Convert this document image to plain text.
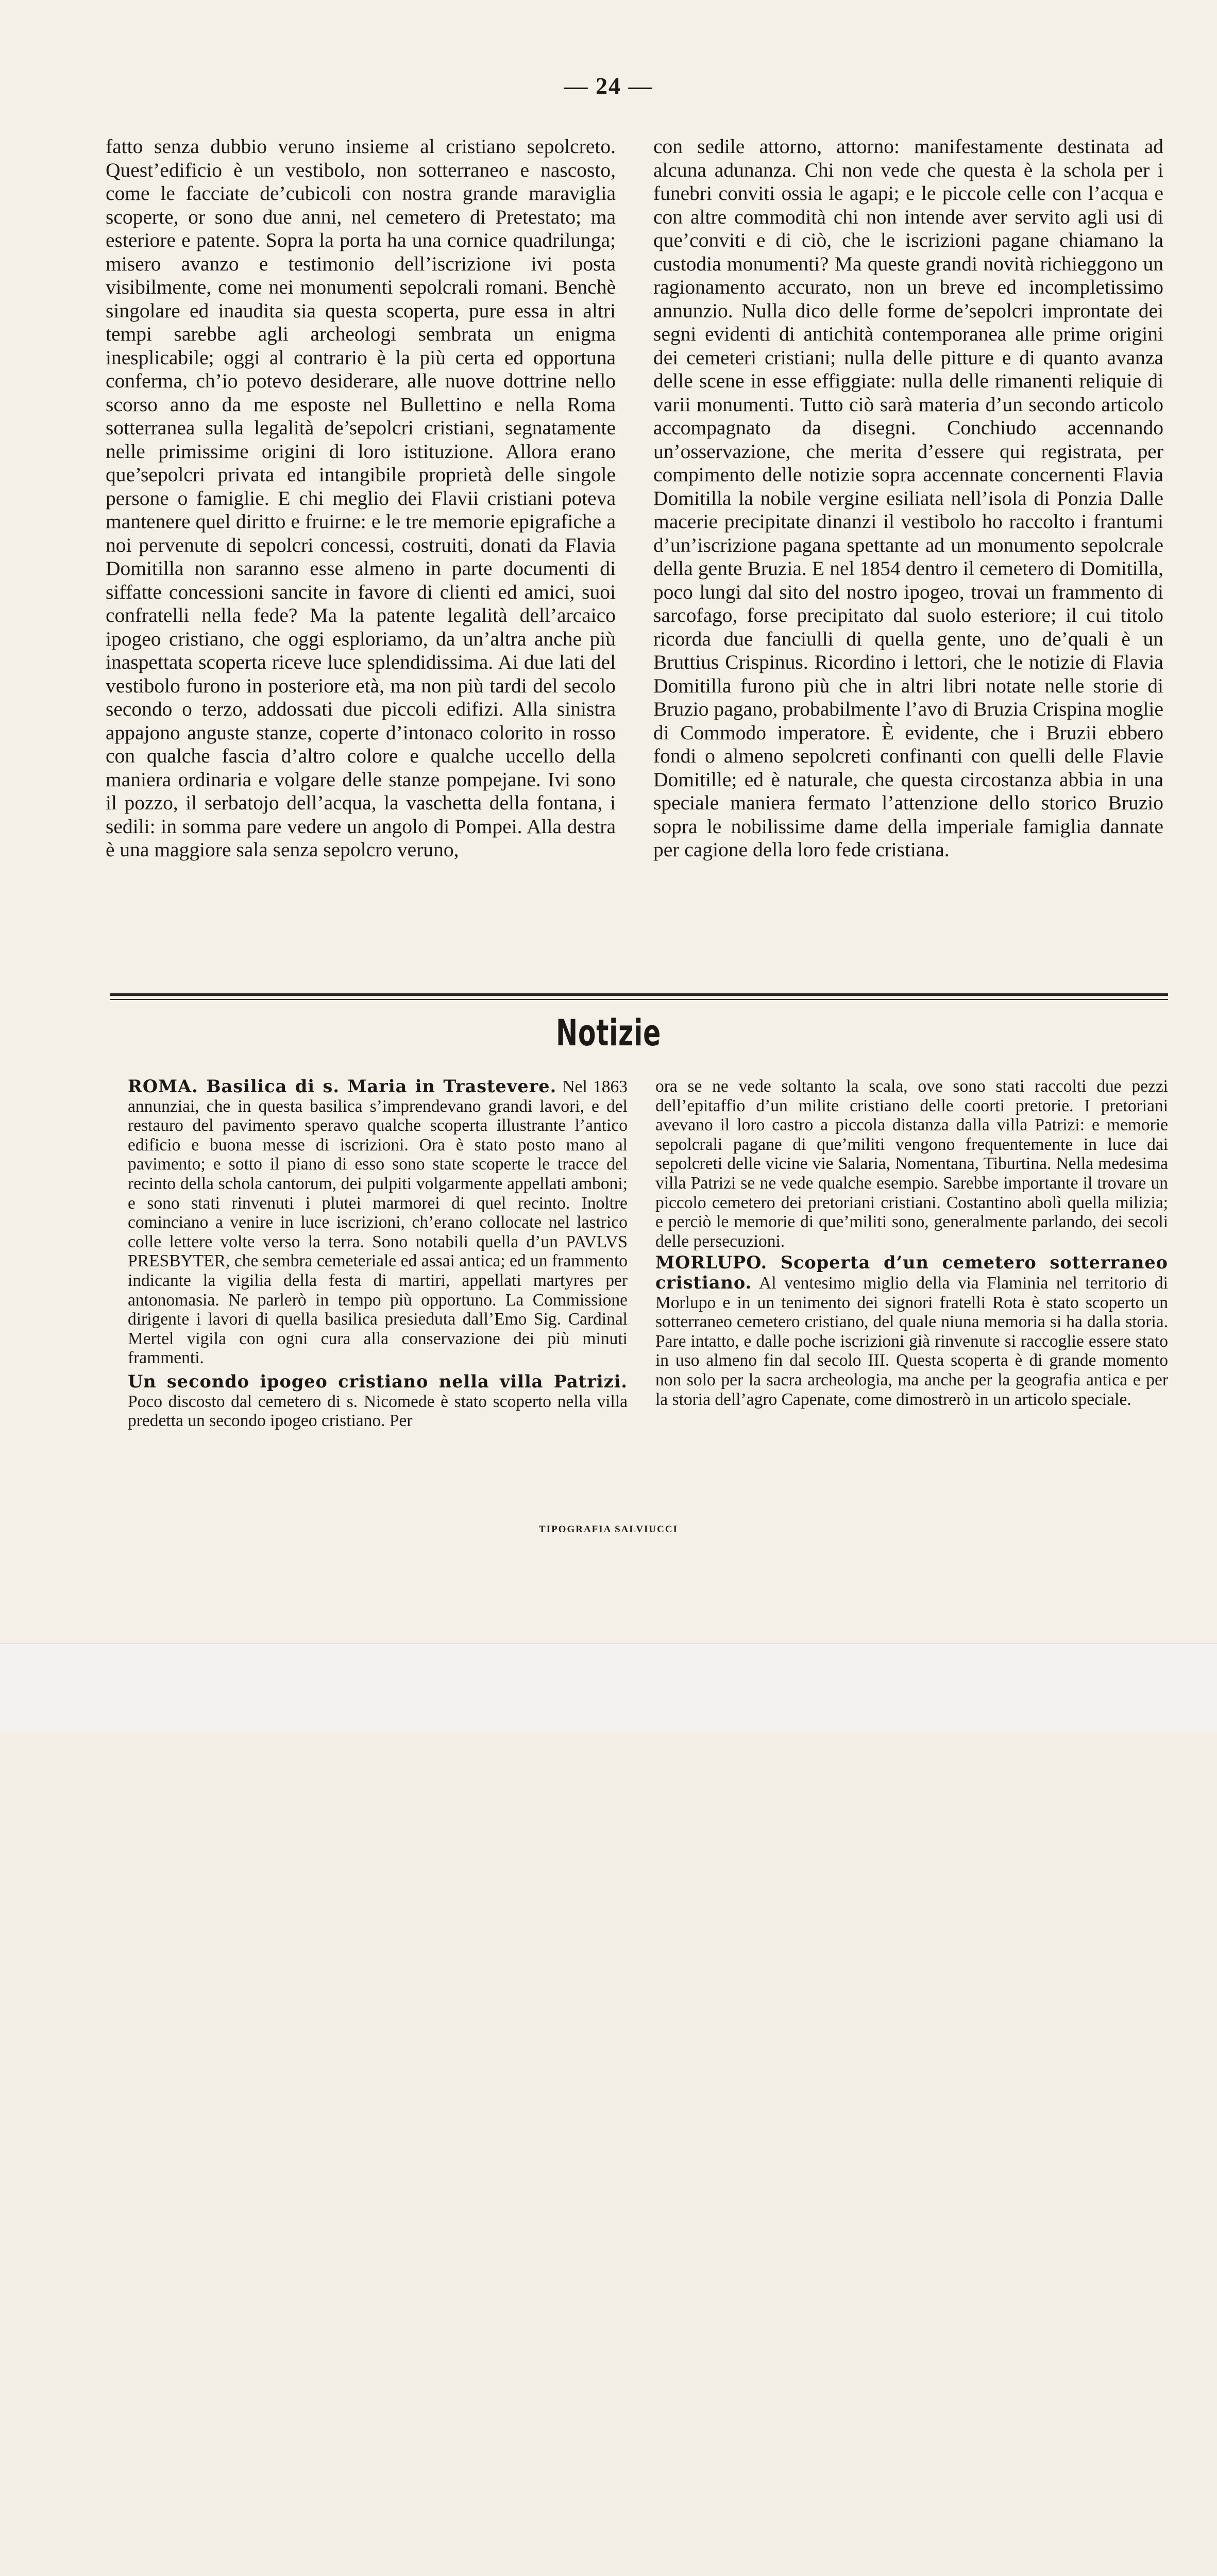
— 24 —

fatto senza dubbio veruno insieme al cristiano sepolcreto. Quest’edificio è un vestibolo, non sotterraneo e nascosto, come le facciate de’cubicoli con nostra grande maraviglia scoperte, or sono due anni, nel cemetero di Pretestato; ma esteriore e patente. Sopra la porta ha una cornice quadrilunga; misero avanzo e testimonio dell’iscrizione ivi posta visibilmente, come nei monumenti sepolcrali romani. Benchè singolare ed inaudita sia questa scoperta, pure essa in altri tempi sarebbe agli archeologi sembrata un enigma inesplicabile; oggi al contrario è la più certa ed opportuna conferma, ch’io potevo desiderare, alle nuove dottrine nello scorso anno da me esposte nel Bullettino e nella Roma sotterranea sulla legalità de’sepolcri cristiani, segnatamente nelle primissime origini di loro istituzione. Allora erano que’sepolcri privata ed intangibile proprietà delle singole persone o famiglie. E chi meglio dei Flavii cristiani poteva mantenere quel diritto e fruirne: e le tre memorie epigrafiche a noi pervenute di sepolcri concessi, costruiti, donati da Flavia Domitilla non saranno esse almeno in parte documenti di siffatte concessioni sancite in favore di clienti ed amici, suoi confratelli nella fede? Ma la patente legalità dell’arcaico ipogeo cristiano, che oggi esploriamo, da un’altra anche più inaspettata scoperta riceve luce splendidissima. Ai due lati del vestibolo furono in posteriore età, ma non più tardi del secolo secondo o terzo, addossati due piccoli edifizi. Alla sinistra appajono anguste stanze, coperte d’intonaco colorito in rosso con qualche fascia d’altro colore e qualche uccello della maniera ordinaria e volgare delle stanze pompejane. Ivi sono il pozzo, il serbatojo dell’acqua, la vaschetta della fontana, i sedili: in somma pare vedere un angolo di Pompei. Alla destra è una maggiore sala senza sepolcro veruno,

con sedile attorno, attorno: manifestamente destinata ad alcuna adunanza. Chi non vede che questa è la schola per i funebri conviti ossia le agapi; e le piccole celle con l’acqua e con altre commodità chi non intende aver servito agli usi di que’conviti e di ciò, che le iscrizioni pagane chiamano la custodia monumenti? Ma queste grandi novità richieggono un ragionamento accurato, non un breve ed incompletissimo annunzio. Nulla dico delle forme de’sepolcri improntate dei segni evidenti di antichità contemporanea alle prime origini dei cemeteri cristiani; nulla delle pitture e di quanto avanza delle scene in esse effiggiate: nulla delle rimanenti reliquie di varii monumenti. Tutto ciò sarà materia d’un secondo articolo accompagnato da disegni. Conchiudo accennando un’osservazione, che merita d’essere qui registrata, per compimento delle notizie sopra accennate concernenti Flavia Domitilla la nobile vergine esiliata nell’isola di Ponzia Dalle macerie precipitate dinanzi il vestibolo ho raccolto i frantumi d’un’iscrizione pagana spettante ad un monumento sepolcrale della gente Bruzia. E nel 1854 dentro il cemetero di Domitilla, poco lungi dal sito del nostro ipogeo, trovai un frammento di sarcofago, forse precipitato dal suolo esteriore; il cui titolo ricorda due fanciulli di quella gente, uno de’quali è un Bruttius Crispinus. Ricordino i lettori, che le notizie di Flavia Domitilla furono più che in altri libri notate nelle storie di Bruzio pagano, probabilmente l’avo di Bruzia Crispina moglie di Commodo imperatore. È evidente, che i Bruzii ebbero fondi o almeno sepolcreti confinanti con quelli delle Flavie Domitille; ed è naturale, che questa circostanza abbia in una speciale maniera fermato l’attenzione dello storico Bruzio sopra le nobilissime dame della imperiale famiglia dannate per cagione della loro fede cristiana.

Notizie

ROMA. Basilica di s. Maria in Trastevere. Nel 1863 annunziai, che in questa basilica s’imprendevano grandi lavori, e del restauro del pavimento speravo qualche scoperta illustrante l’antico edificio e buona messe di iscrizioni. Ora è stato posto mano al pavimento; e sotto il piano di esso sono state scoperte le tracce del recinto della schola cantorum, dei pulpiti volgarmente appellati amboni; e sono stati rinvenuti i plutei marmorei di quel recinto. Inoltre cominciano a venire in luce iscrizioni, ch’erano collocate nel lastrico colle lettere volte verso la terra. Sono notabili quella d’un PAVLVS PRESBYTER, che sembra cemeteriale ed assai antica; ed un frammento indicante la vigilia della festa di martiri, appellati martyres per antonomasia. Ne parlerò in tempo più opportuno. La Commissione dirigente i lavori di quella basilica presieduta dall’Emo Sig. Cardinal Mertel vigila con ogni cura alla conservazione dei più minuti frammenti.

Un secondo ipogeo cristiano nella villa Patrizi. Poco discosto dal cemetero di s. Nicomede è stato scoperto nella villa predetta un secondo ipogeo cristiano. Per

ora se ne vede soltanto la scala, ove sono stati raccolti due pezzi dell’epitaffio d’un milite cristiano delle coorti pretorie. I pretoriani avevano il loro castro a piccola distanza dalla villa Patrizi: e memorie sepolcrali pagane di que’militi vengono frequentemente in luce dai sepolcreti delle vicine vie Salaria, Nomentana, Tiburtina. Nella medesima villa Patrizi se ne vede qualche esempio. Sarebbe importante il trovare un piccolo cemetero dei pretoriani cristiani. Costantino abolì quella milizia; e perciò le memorie di que’militi sono, generalmente parlando, dei secoli delle persecuzioni.

MORLUPO. Scoperta d’un cemetero sotterraneo cristiano. Al ventesimo miglio della via Flaminia nel territorio di Morlupo e in un tenimento dei signori fratelli Rota è stato scoperto un sotterraneo cemetero cristiano, del quale niuna memoria si ha dalla storia. Pare intatto, e dalle poche iscrizioni già rinvenute si raccoglie essere stato in uso almeno fin dal secolo III. Questa scoperta è di grande momento non solo per la sacra archeologia, ma anche per la geografia antica e per la storia dell’agro Capenate, come dimostrerò in un articolo speciale.

TIPOGRAFIA SALVIUCCI
